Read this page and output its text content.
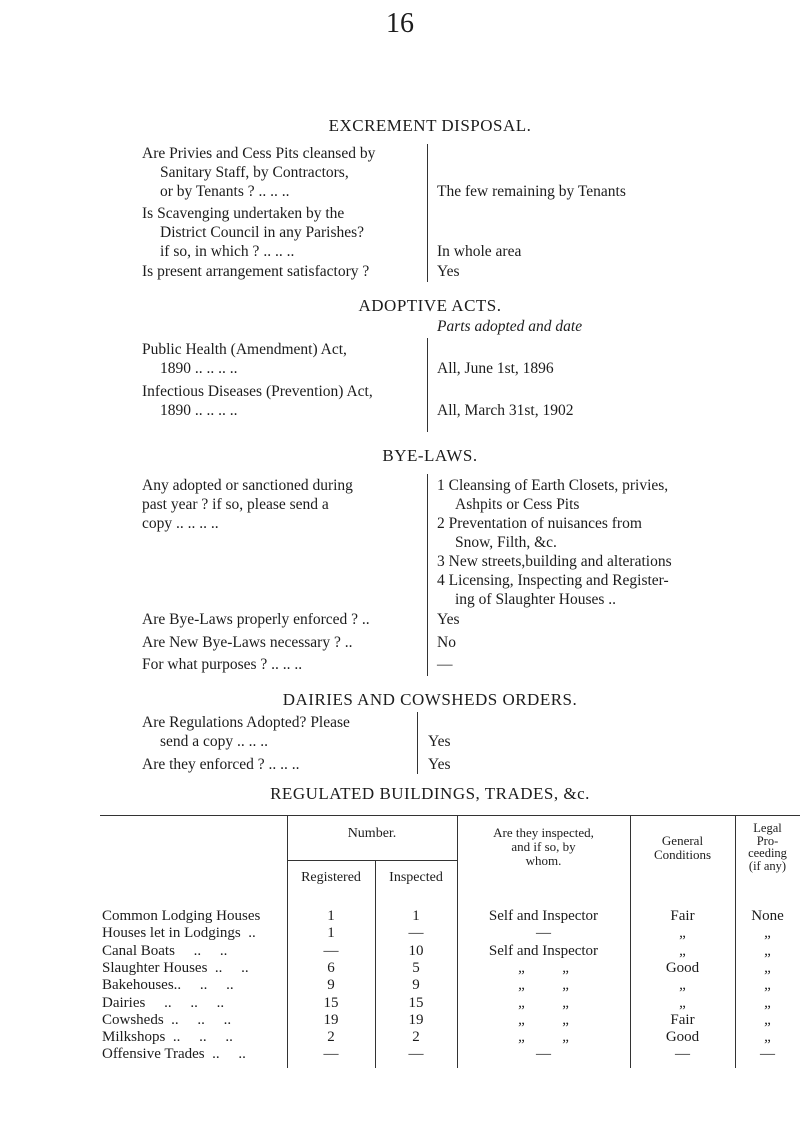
16
EXCREMENT DISPOSAL.
Are Privies and Cess Pits cleansed by
Sanitary Staff, by Contractors,
or by Tenants ? .. .. ..	The few remaining by Tenants
Is Scavenging undertaken by the
District Council in any Parishes?
if so, in which ? .. .. ..	In whole area
Is present arrangement satisfactory ?	Yes
ADOPTIVE ACTS.
Parts adopted and date
Public Health (Amendment) Act,
1890 .. .. .. ..	All, June 1st, 1896
Infectious Diseases (Prevention) Act,
1890 .. .. .. ..	All, March 31st, 1902
BYE-LAWS.
Any adopted or sanctioned during
past year ? if so, please send a
copy .. .. .. ..
1 Cleansing of Earth Closets, privies,
Ashpits or Cess Pits
2 Preventation of nuisances from
Snow, Filth, &c.
3 New streets,building and alterations
4 Licensing, Inspecting and Register-
ing of Slaughter Houses ..
Are Bye-Laws properly enforced ? ..	Yes
Are New Bye-Laws necessary ? ..	No
For what purposes ? .. .. ..	—
DAIRIES AND COWSHEDS ORDERS.
Are Regulations Adopted? Please
send a copy .. .. ..	Yes
Are they enforced ? .. .. ..	Yes
REGULATED BUILDINGS, TRADES, &c.
Number.
Registered	Inspected
Are they inspected,
and if so, by
whom.
General
Conditions
Legal
Pro-
ceeding
(if any)
Common Lodging Houses	1	1	Self and Inspector	Fair	None
Houses let in Lodgings  ..	1	—	—	„	„
Canal Boats     ..     ..	—	10	Self and Inspector	„	„
Slaughter Houses  ..     ..	6	5	„          „	Good	„
Bakehouses..     ..     ..	9	9	„          „	„	„
Dairies     ..     ..     ..	15	15	„          „	„	„
Cowsheds  ..     ..     ..	19	19	„          „	Fair	„
Milkshops  ..     ..     ..	2	2	„          „	Good	„
Offensive Trades  ..     ..	—	—	—	—	—
